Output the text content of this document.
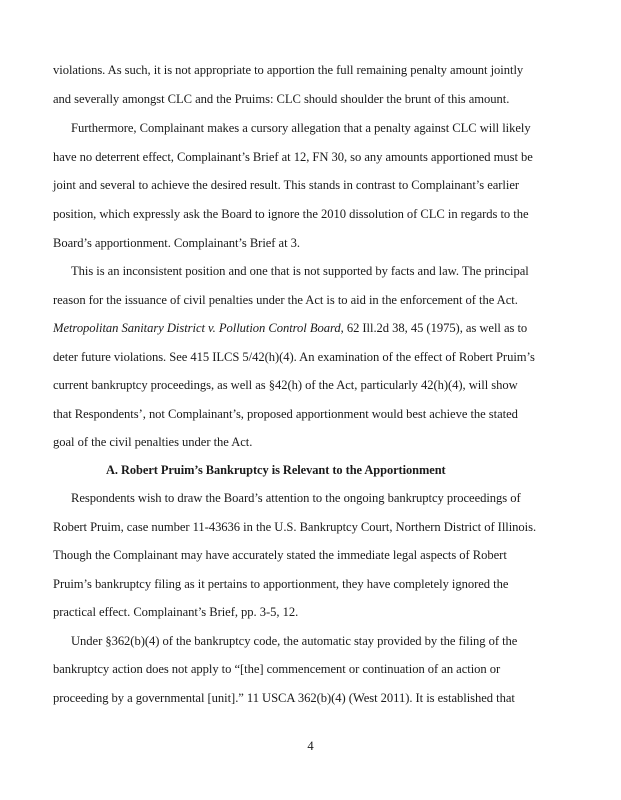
violations. As such, it is not appropriate to apportion the full remaining penalty amount jointly
and severally amongst CLC and the Pruims: CLC should shoulder the brunt of this amount.
Furthermore, Complainant makes a cursory allegation that a penalty against CLC will likely
have no deterrent effect, Complainant’s Brief at 12, FN 30, so any amounts apportioned must be
joint and several to achieve the desired result. This stands in contrast to Complainant’s earlier
position, which expressly ask the Board to ignore the 2010 dissolution of CLC in regards to the
Board’s apportionment. Complainant’s Brief at 3.
This is an inconsistent position and one that is not supported by facts and law. The principal
reason for the issuance of civil penalties under the Act is to aid in the enforcement of the Act.
Metropolitan Sanitary District v. Pollution Control Board, 62 Ill.2d 38, 45 (1975), as well as to
deter future violations. See 415 ILCS 5/42(h)(4). An examination of the effect of Robert Pruim’s
current bankruptcy proceedings, as well as §42(h) of the Act, particularly 42(h)(4), will show
that Respondents’, not Complainant’s, proposed apportionment would best achieve the stated
goal of the civil penalties under the Act.
A. Robert Pruim’s Bankruptcy is Relevant to the Apportionment
Respondents wish to draw the Board’s attention to the ongoing bankruptcy proceedings of
Robert Pruim, case number 11-43636 in the U.S. Bankruptcy Court, Northern District of Illinois.
Though the Complainant may have accurately stated the immediate legal aspects of Robert
Pruim’s bankruptcy filing as it pertains to apportionment, they have completely ignored the
practical effect. Complainant’s Brief, pp. 3-5, 12.
Under §362(b)(4) of the bankruptcy code, the automatic stay provided by the filing of the
bankruptcy action does not apply to “[the] commencement or continuation of an action or
proceeding by a governmental [unit].” 11 USCA 362(b)(4) (West 2011). It is established that
4
